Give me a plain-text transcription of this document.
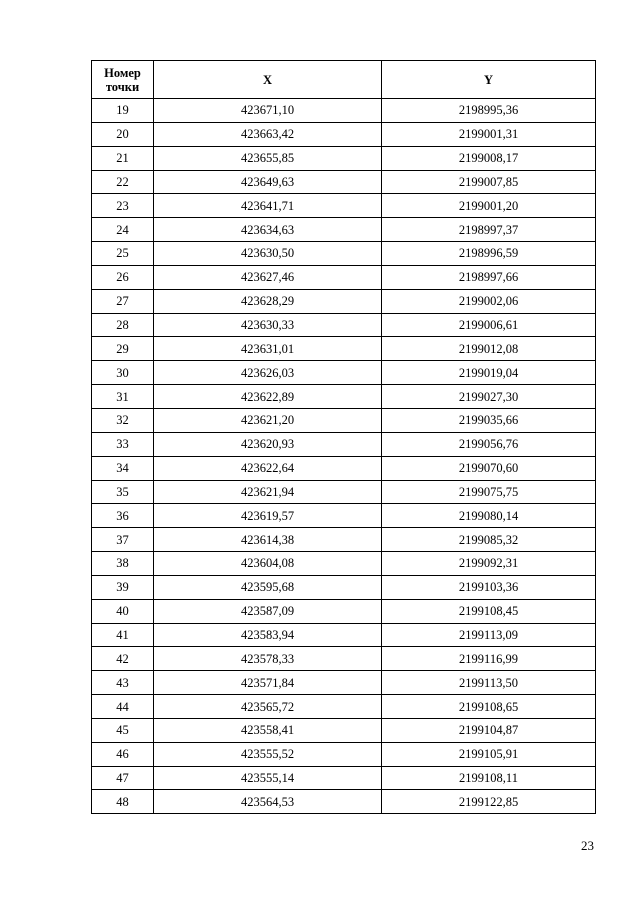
Номер точки	X	Y
19	423671,10	2198995,36
20	423663,42	2199001,31
21	423655,85	2199008,17
22	423649,63	2199007,85
23	423641,71	2199001,20
24	423634,63	2198997,37
25	423630,50	2198996,59
26	423627,46	2198997,66
27	423628,29	2199002,06
28	423630,33	2199006,61
29	423631,01	2199012,08
30	423626,03	2199019,04
31	423622,89	2199027,30
32	423621,20	2199035,66
33	423620,93	2199056,76
34	423622,64	2199070,60
35	423621,94	2199075,75
36	423619,57	2199080,14
37	423614,38	2199085,32
38	423604,08	2199092,31
39	423595,68	2199103,36
40	423587,09	2199108,45
41	423583,94	2199113,09
42	423578,33	2199116,99
43	423571,84	2199113,50
44	423565,72	2199108,65
45	423558,41	2199104,87
46	423555,52	2199105,91
47	423555,14	2199108,11
48	423564,53	2199122,85
23
